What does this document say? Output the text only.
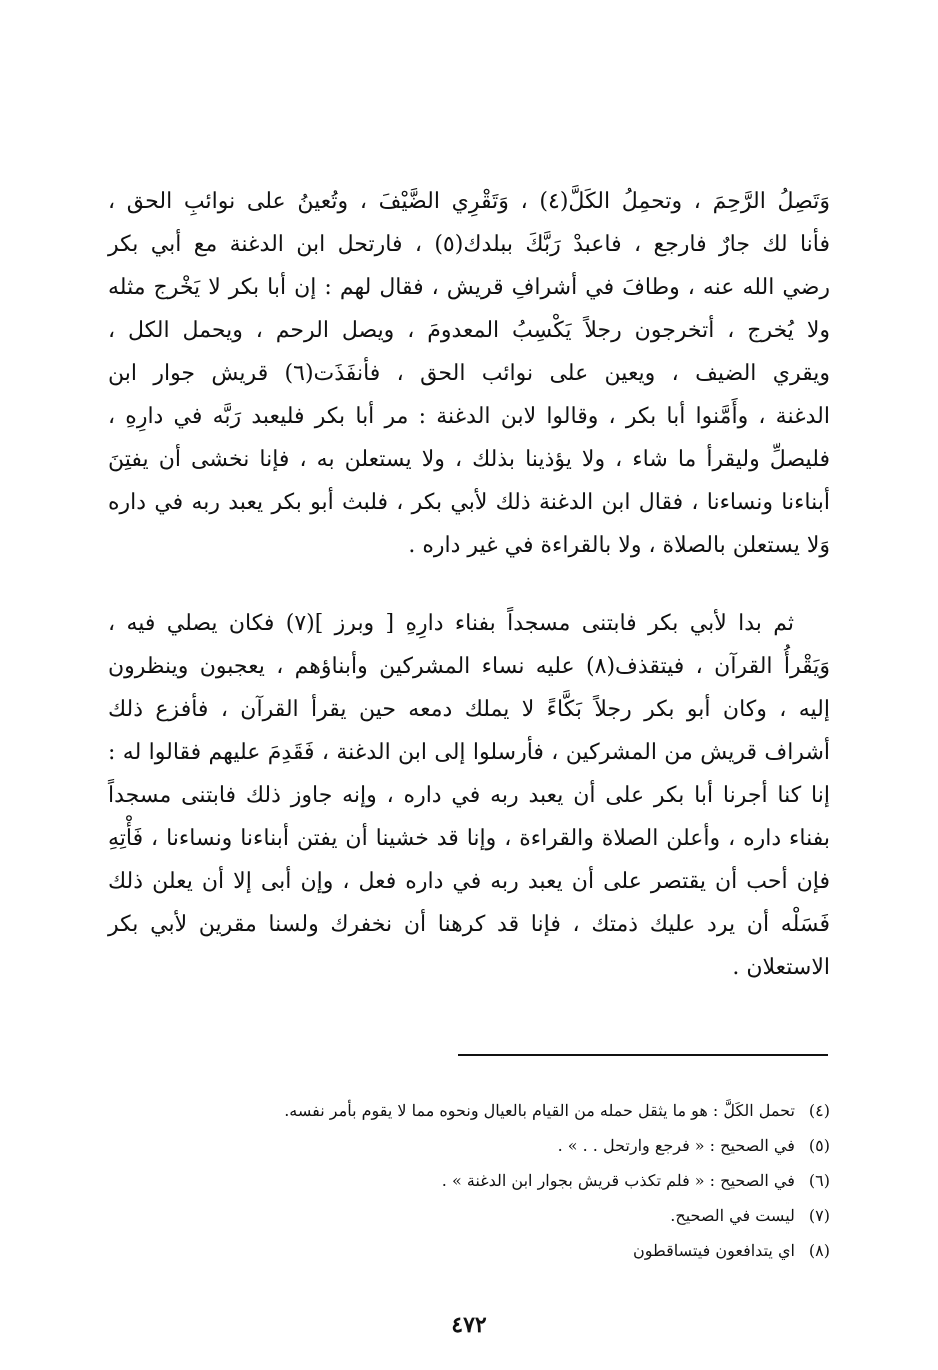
وَتَصِلُ الرَّحِمَ ، وتحمِلُ الكَلَّ(٤) ، وَتَقْرِي الضَّيْفَ ، وتُعينُ على نوائبِ الحق ،
فأنا لك جارٌ فارجع ، فاعبدْ رَبَّكَ ببلدك(٥) ، فارتحل ابن الدغنة مع أبي بكر
رضي الله عنه ، وطافَ في أشرافِ قريش ، فقال لهم : إن أبا بكر لا يَخْرج مثله
ولا يُخرج ، أتخرجون رجلاً يَكْسِبُ المعدومَ ، ويصل الرحم ، ويحمل الكل ،
ويقري الضيف ، ويعين على نوائب الحق ، فأنفَذَت(٦) قريش جوار ابن
الدغنة ، وأَمَّنوا أبا بكر ، وقالوا لابن الدغنة : مر أبا بكر فليعبد رَبَّه في دارِهِ ،
فليصلِّ وليقرأ ما شاء ، ولا يؤذينا بذلك ، ولا يستعلن به ، فإنا نخشى أن يفتِنَ
أبناءنا ونساءنا ، فقال ابن الدغنة ذلك لأبي بكر ، فلبث أبو بكر يعبد ربه في داره
وَلا يستعلن بالصلاة ، ولا بالقراءة في غير داره .
ثم بدا لأبي بكر فابتنى مسجداً بفناء دارِهِ [ وبرز ](٧) فكان يصلي فيه ،
وَيَقْرأُ القرآن ، فيتقذف(٨) عليه نساء المشركين وأبناؤهم ، يعجبون وينظرون
إليه ، وكان أبو بكر رجلاً بَكَّاءً لا يملك دمعه حين يقرأ القرآن ، فأفزع ذلك
أشراف قريش من المشركين ، فأرسلوا إلى ابن الدغنة ، فَقَدِمَ عليهم فقالوا له :
إنا كنا أجرنا أبا بكر على أن يعبد ربه في داره ، وإنه جاوز ذلك فابتنى مسجداً
بفناء داره ، وأعلن الصلاة والقراءة ، وإنا قد خشينا أن يفتن أبناءنا ونساءنا ، فَأْتِهِ
فإن أحب أن يقتصر على أن يعبد ربه في داره فعل ، وإن أبى إلا أن يعلن ذلك
فَسَلْه أن يرد عليك ذمتك ، فإنا قد كرهنا أن نخفرك ولسنا مقرين لأبي بكر
الاستعلان .
(٤)تحمل الكَلَّ : هو ما يثقل حمله من القيام بالعيال ونحوه مما لا يقوم بأمر نفسه.
(٥)في الصحيح : « فرجع وارتحل . . » .
(٦)في الصحيح : « فلم تكذب قريش بجوار ابن الدغنة » .
(٧)ليست في الصحيح.
(٨)اي يتدافعون فيتساقطون
٤٧٢
